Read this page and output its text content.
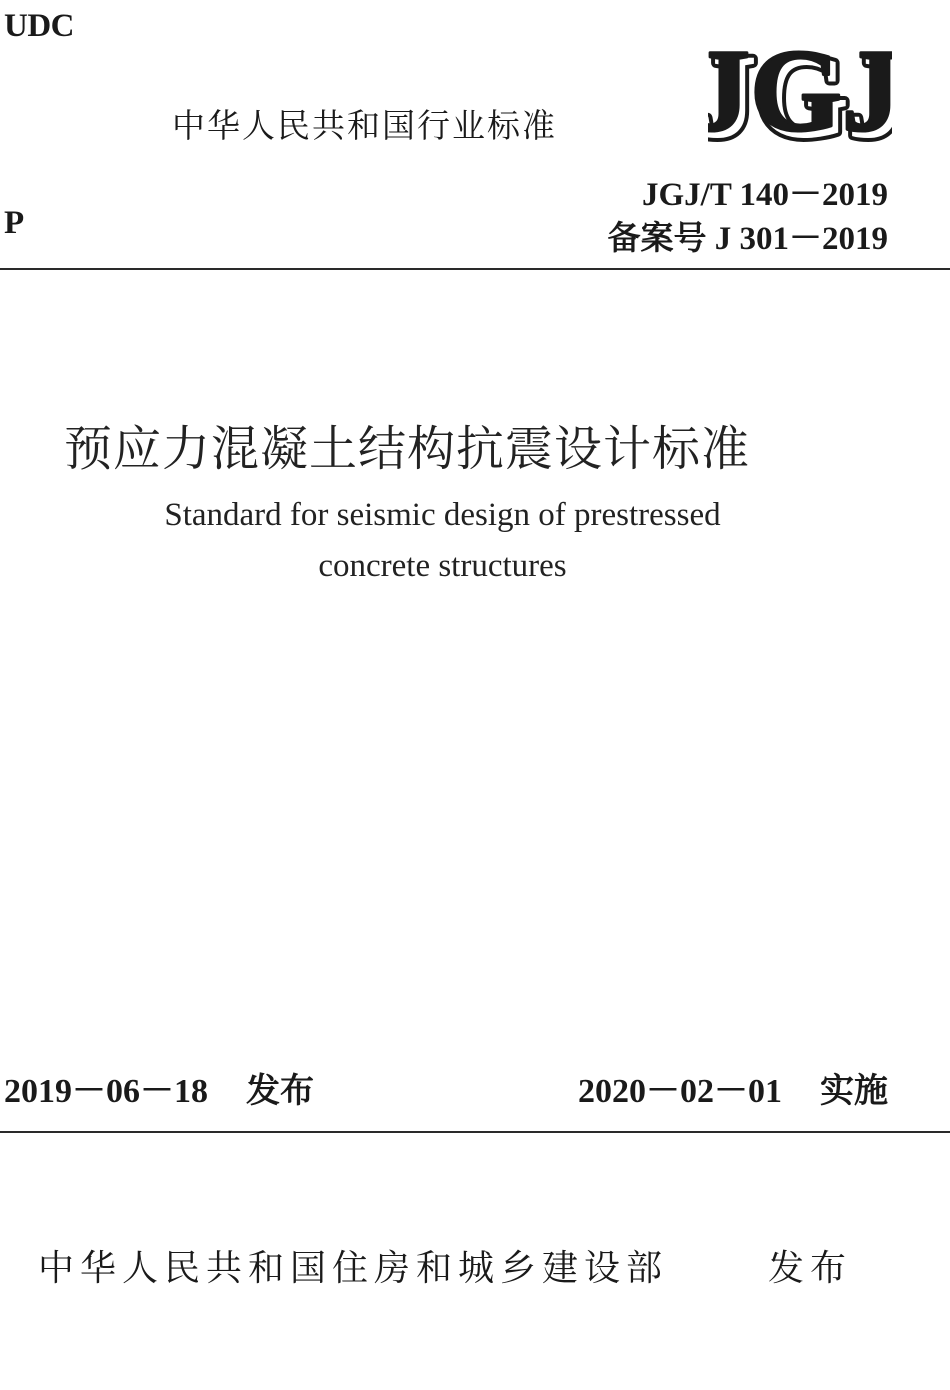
UDC
中华人民共和国行业标准 JGJ
JGJ
JGJ
JGJ/T 140－2019
P	备案号 J 301－2019
预应力混凝土结构抗震设计标准
Standard for seismic design of prestressed
concrete structures
2019－06－18 发布	2020－02－01 实施
中华人民共和国住房和城乡建设部	发布
